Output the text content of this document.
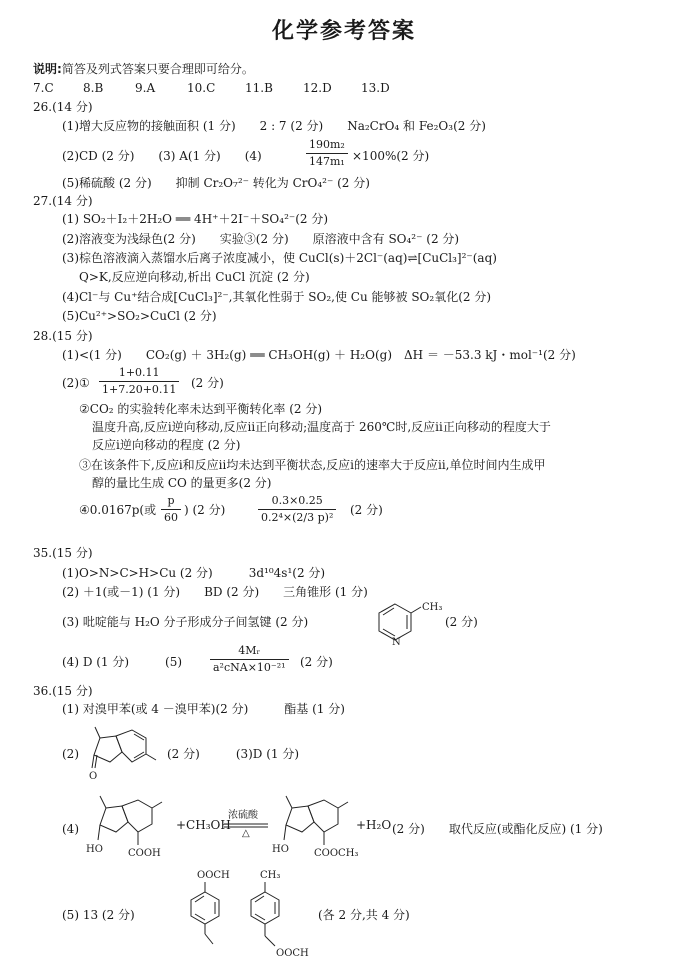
化学参考答案
说明:简答及列式答案只要合理即可给分。
7.C 8.B	9.A	10.C 11.B	12.D 13.D
26.(14 分)
(1)增大反应物的接触面积 (1 分)　　2 : 7 (2 分)　　Na₂CrO₄ 和 Fe₂O₃(2 分)
(2)CD (2 分)　　(3) A(1 分)　　(4)	$\frac{\text{190m₂}}{\text{147m₁}} \times 100\%(2$ 分)
(5)稀硫酸 (2 分)　　抑制 Cr₂O₇²⁻ 转化为 CrO₄²⁻ (2 分)
27.(14 分)
(1) SO₂＋I₂＋2H₂O ══ 4H⁺＋2I⁻＋SO₄²⁻(2 分)
(2)溶液变为浅绿色(2 分)　　实验③(2 分)　　原溶液中含有 SO₄²⁻ (2 分)
(3)棕色溶液滴入蒸馏水后离子浓度减小，使 CuCl(s)＋2Cl⁻(aq)⇌[CuCl₃]²⁻(aq)
Q>K,反应逆向移动,析出 CuCl 沉淀 (2 分)
(4)Cl⁻与 Cu⁺结合成[CuCl₃]²⁻,其氧化性弱于 SO₂,使 Cu 能够被 SO₂氧化(2 分)
(5)Cu²⁺>SO₂>CuCl (2 分)
28.(15 分)
(1)<(1 分)　　CO₂(g) ＋ 3H₂(g) ══ CH₃OH(g) ＋ H₂O(g)　ΔH ＝ －53.3 kJ・mol⁻¹(2 分)
(2)① $\frac{1+0.11}{1+7.20+0.11} (2$ 分)
②CO₂ 的实验转化率未达到平衡转化率 (2 分)
温度升高,反应ⅰ逆向移动,反应ⅱ正向移动;温度高于 260℃时,反应ⅱ正向移动的程度大于
反应ⅰ逆向移动的程度 (2 分)
③在该条件下,反应ⅰ和反应ⅱ均未达到平衡状态,反应ⅰ的速率大于反应ⅱ,单位时间内生成甲
醇的量比生成 CO 的量更多(2 分)
④0.0167p(或 $\frac{p}{60}$ ) (2 分)	$\frac{0.3\times 0.25}{\text{0.2⁴×(2/3 p)²}} (2$ 分)
35.(15 分)
(1)O>N>C>H>Cu (2 分)　　　3d¹⁰4s¹(2 分)
(2) ＋1(或－1) (1 分)　　BD (2 分)　　三角锥形 (1 分)
(3) 吡啶能与 H₂O 分子形成分子间氢键 (2 分)
N
CH₃
(2 分)
(4) D (1 分)　　　(5)
4Mᵣ
a²cNA×10⁻²¹ (2 分)
36.(15 分)
(1) 对溴甲苯(或 4 －溴甲苯)(2 分)　　　酯基 (1 分)
(2)
O
(2 分)　　　(3)D (1 分)
(4)
HO	COOH
+CH₃OH
浓硫酸
△
HO	COOCH₃
+H₂O (2 分)　　取代反应(或酯化反应) (1 分)
(5) 13 (2 分)
OOCH	CH₃
OOCH
(各 2 分,共 4 分)
